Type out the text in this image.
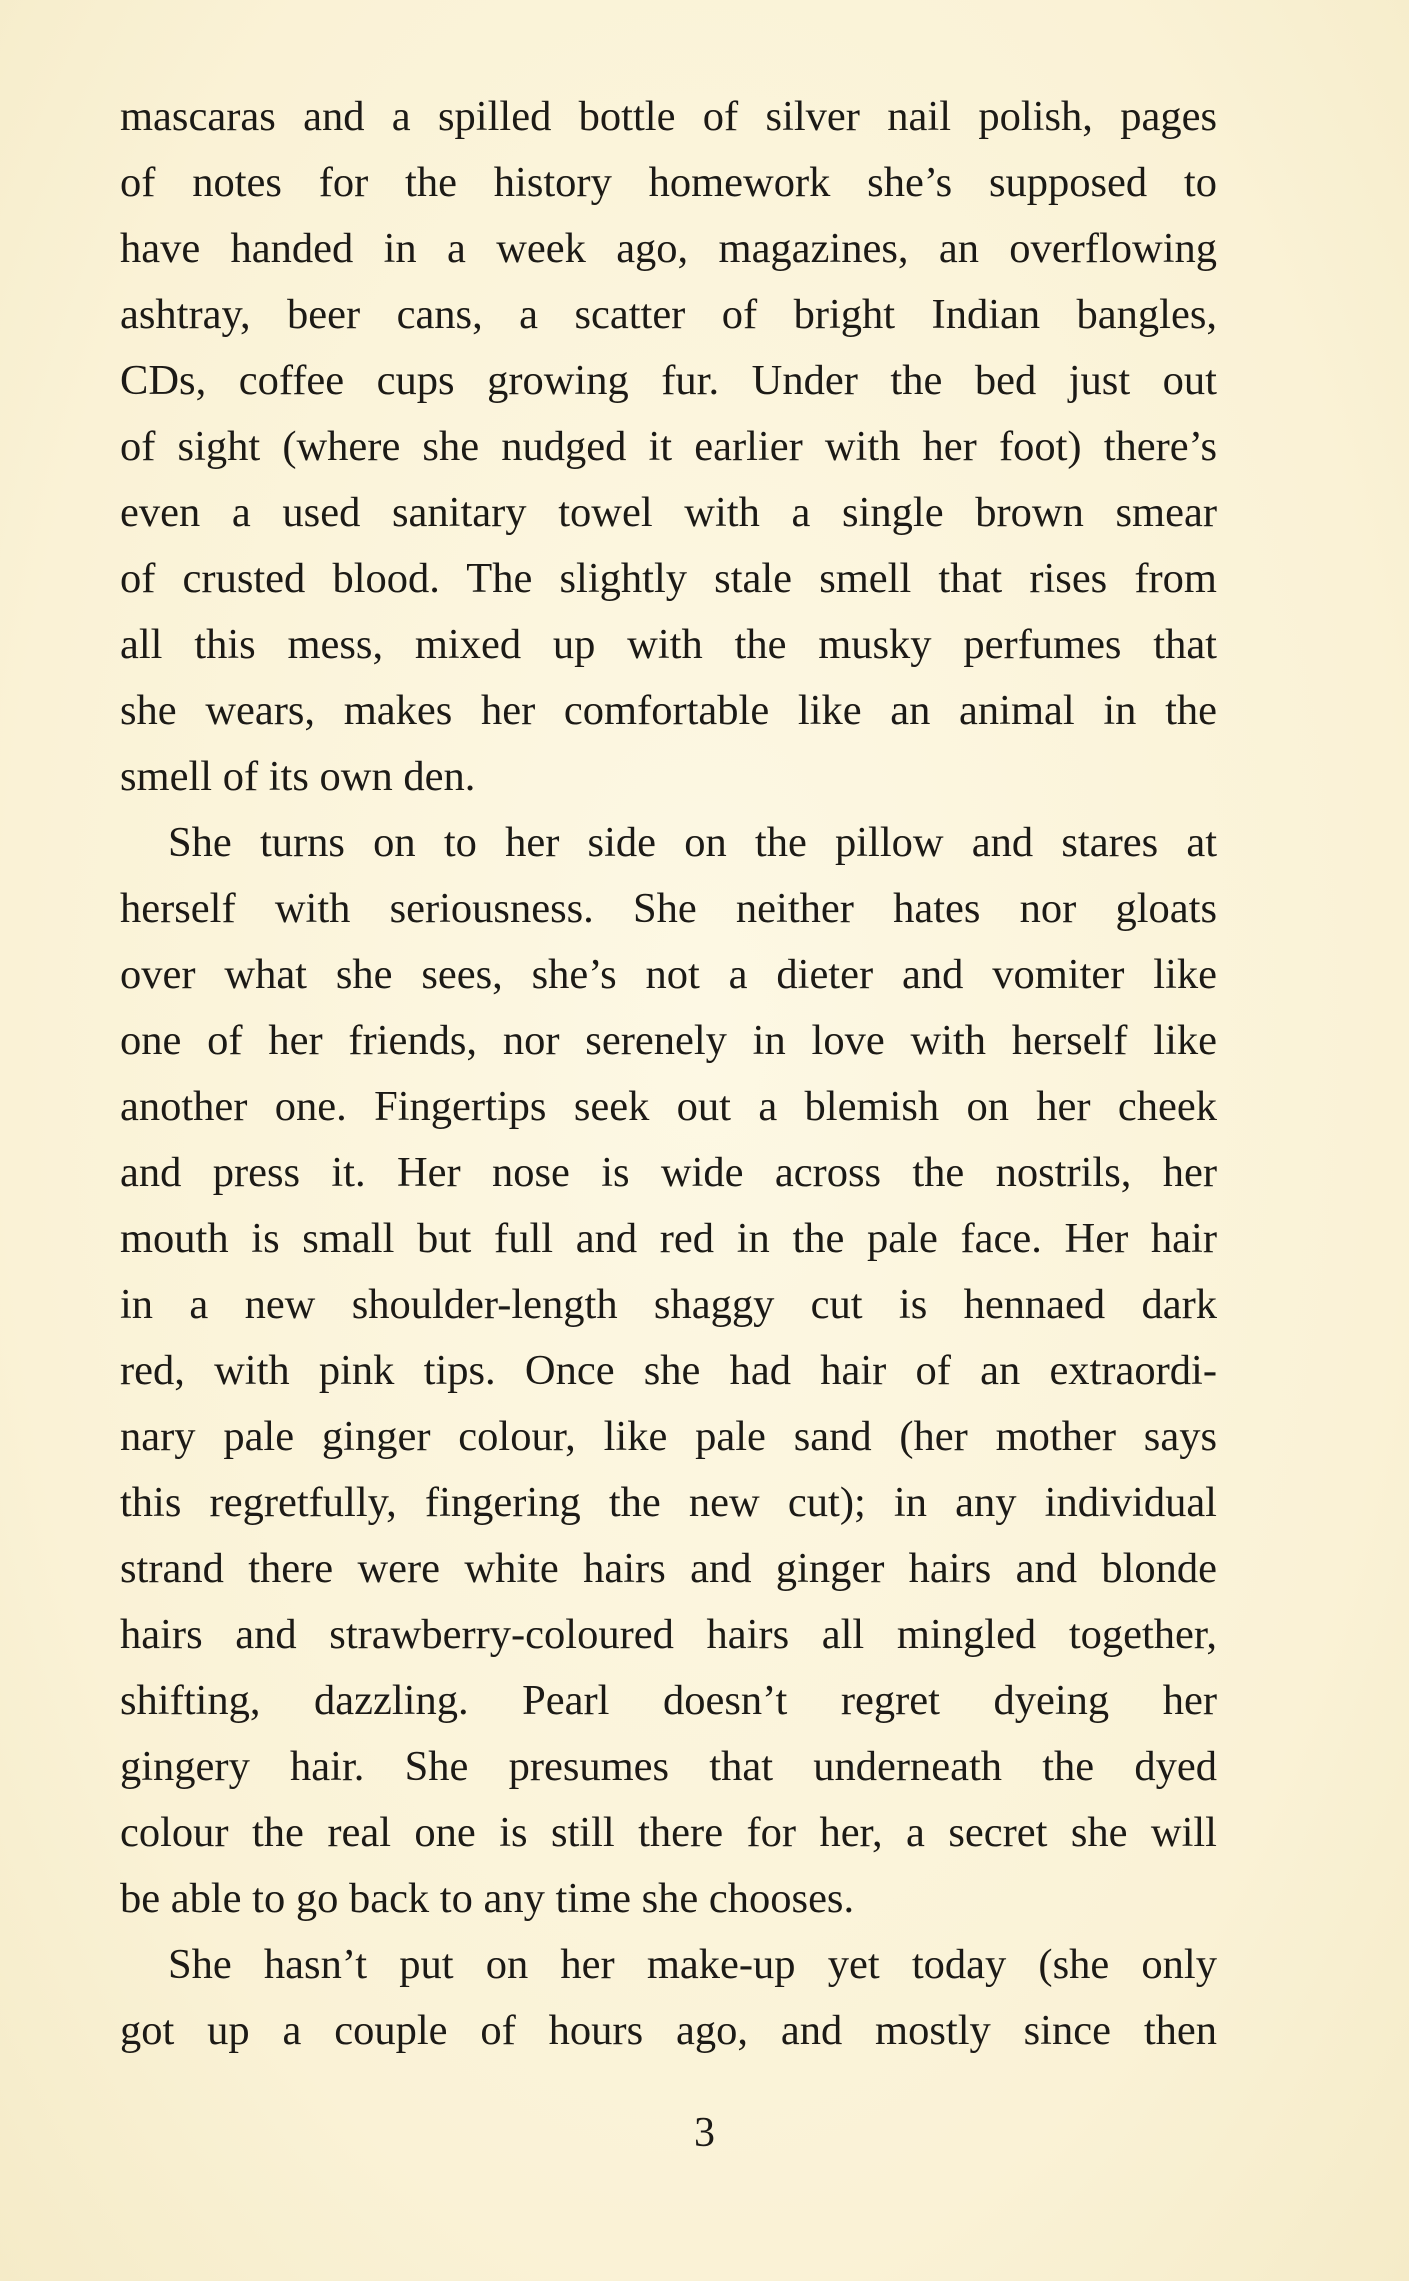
mascaras and a spilled bottle of silver nail polish, pages
of notes for the history homework she’s supposed to
have handed in a week ago, magazines, an overflowing
ashtray, beer cans, a scatter of bright Indian bangles,
CDs, coffee cups growing fur. Under the bed just out
of sight (where she nudged it earlier with her foot) there’s
even a used sanitary towel with a single brown smear
of crusted blood. The slightly stale smell that rises from
all this mess, mixed up with the musky perfumes that
she wears, makes her comfortable like an animal in the
smell of its own den.
She turns on to her side on the pillow and stares at
herself with seriousness. She neither hates nor gloats
over what she sees, she’s not a dieter and vomiter like
one of her friends, nor serenely in love with herself like
another one. Fingertips seek out a blemish on her cheek
and press it. Her nose is wide across the nostrils, her
mouth is small but full and red in the pale face. Her hair
in a new shoulder-length shaggy cut is hennaed dark
red, with pink tips. Once she had hair of an extraordi-
nary pale ginger colour, like pale sand (her mother says
this regretfully, fingering the new cut); in any individual
strand there were white hairs and ginger hairs and blonde
hairs and strawberry-coloured hairs all mingled together,
shifting, dazzling. Pearl doesn’t regret dyeing her
gingery hair. She presumes that underneath the dyed
colour the real one is still there for her, a secret she will
be able to go back to any time she chooses.
She hasn’t put on her make-up yet today (she only
got up a couple of hours ago, and mostly since then
3
